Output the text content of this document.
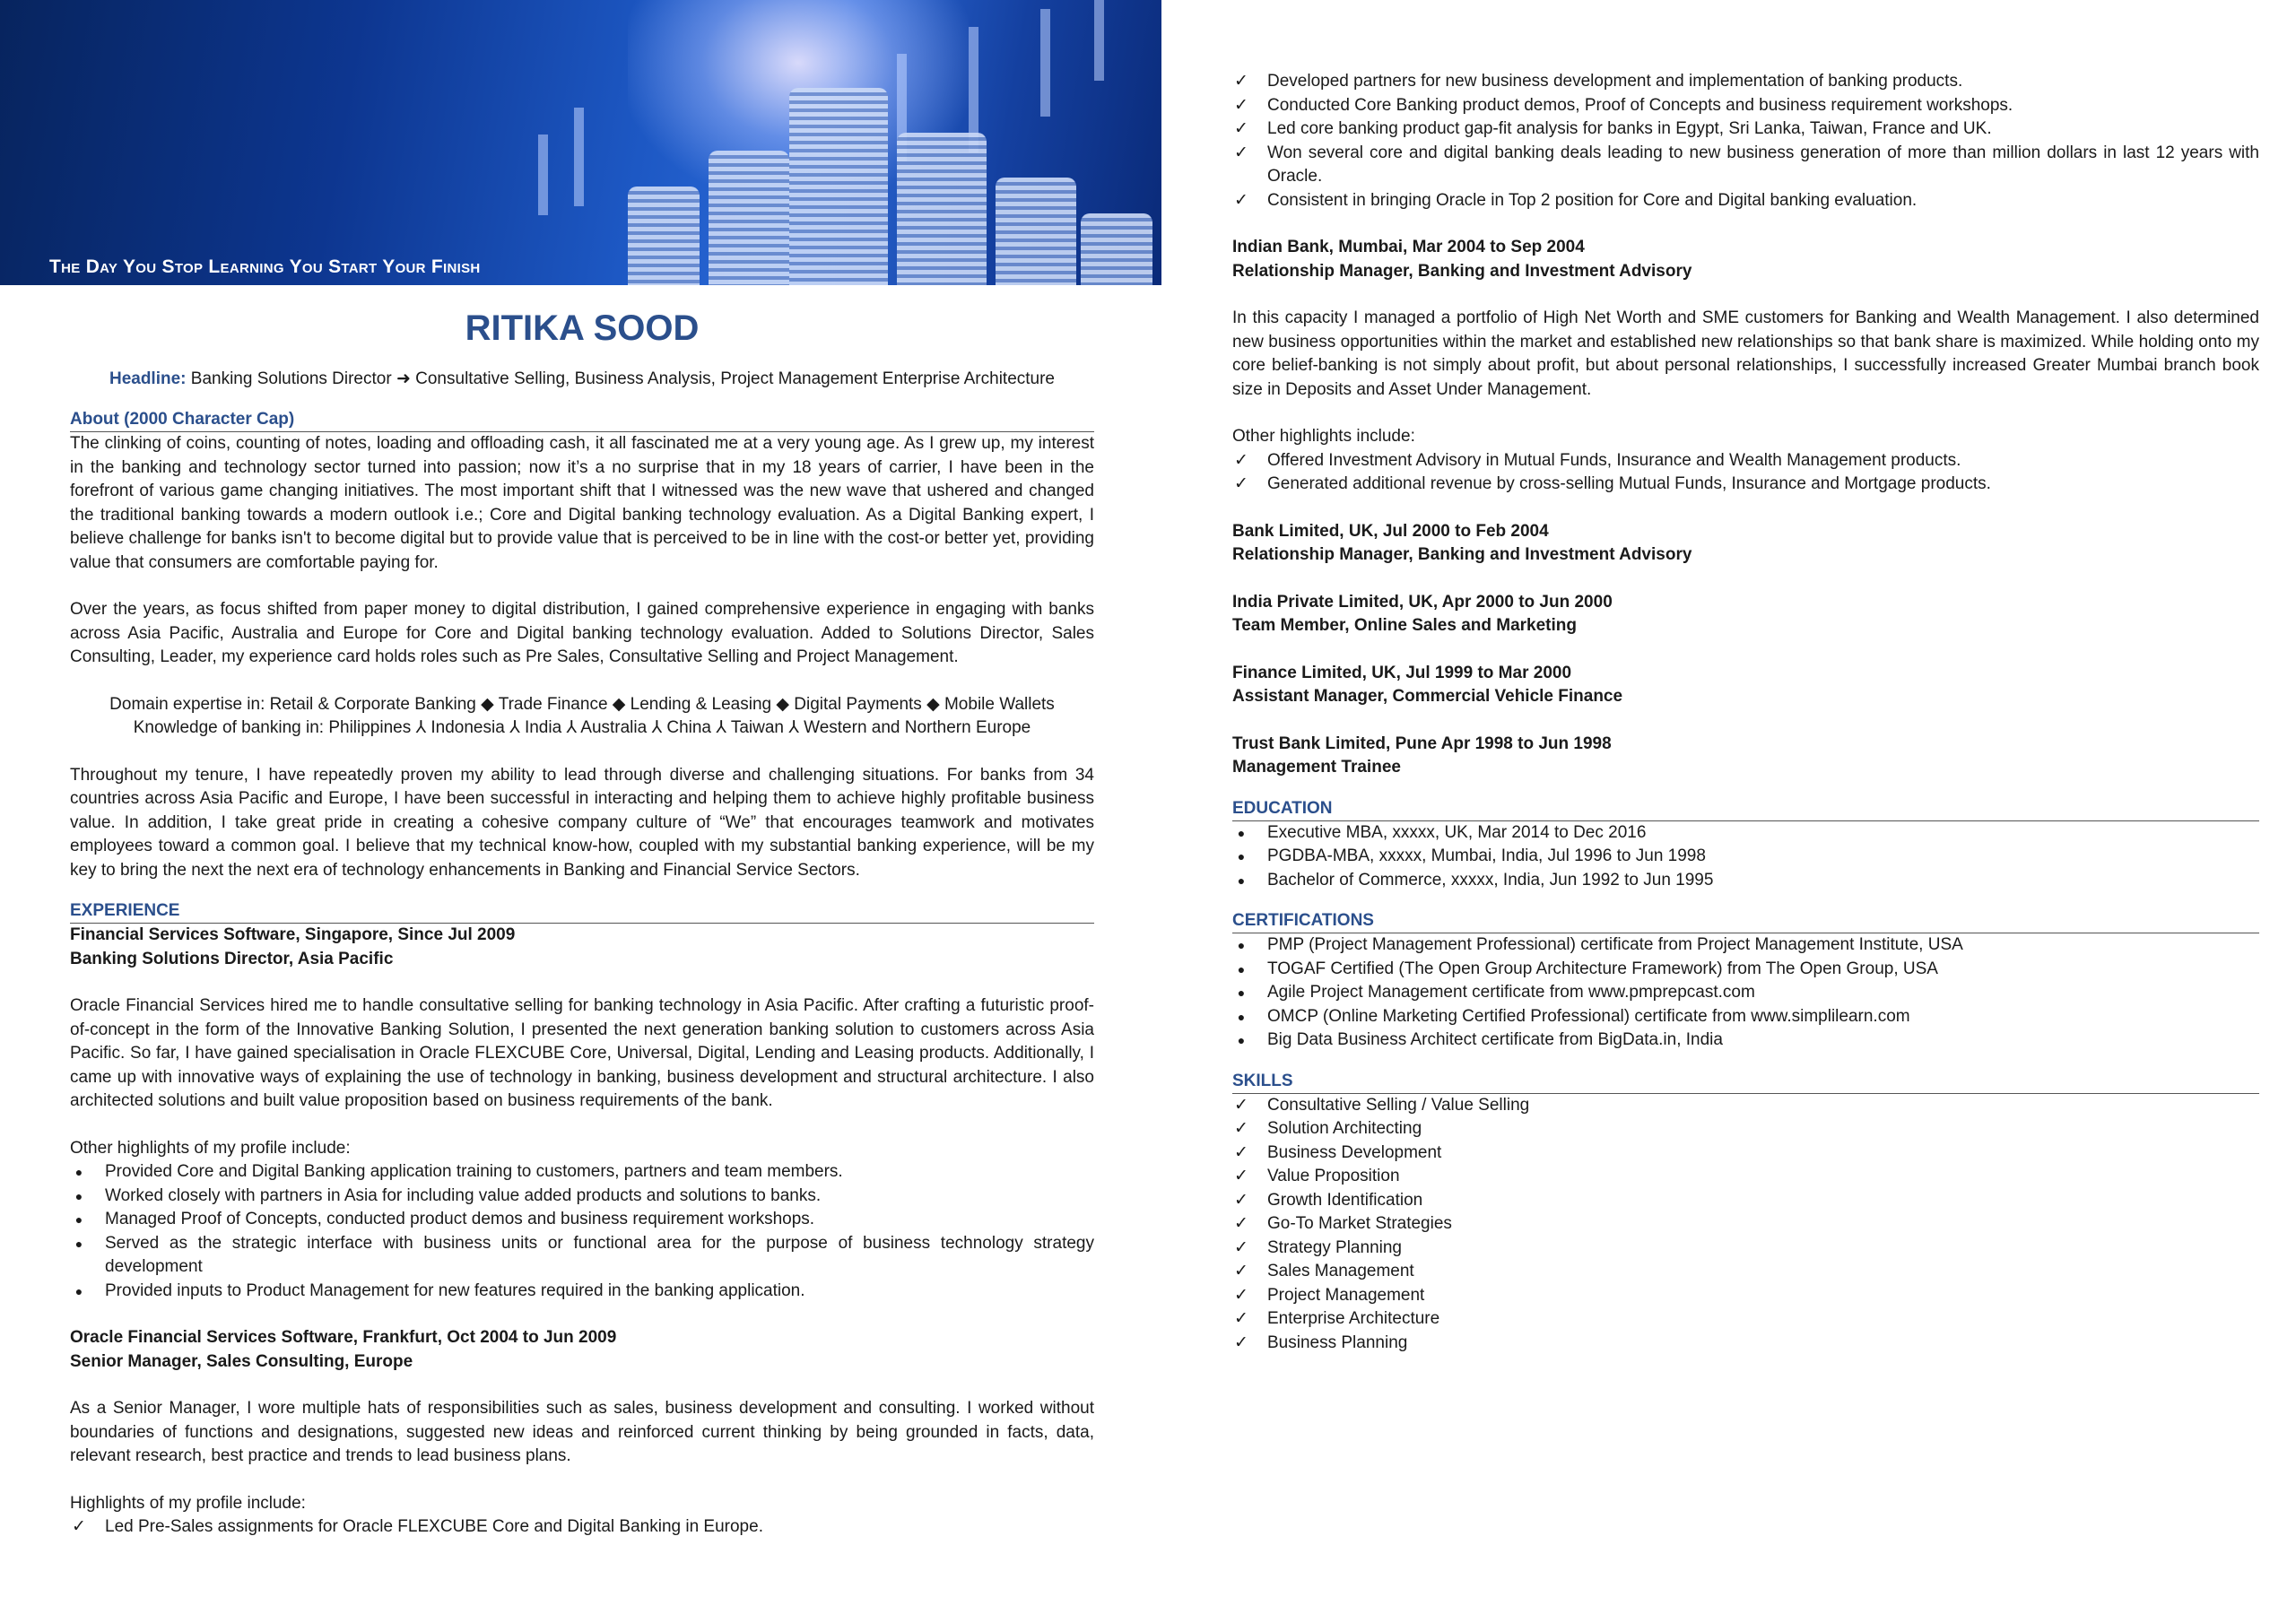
The Day You Stop Learning You Start Your Finish
RITIKA SOOD
Headline: Banking Solutions Director ➜ Consultative Selling, Business Analysis, Project Management Enterprise Architecture
About (2000 Character Cap)

The clinking of coins, counting of notes, loading and offloading cash, it all fascinated me at a very young age. As I grew up, my interest in the banking and technology sector turned into passion; now it’s a no surprise that in my 18 years of carrier, I have been in the forefront of various game changing initiatives. The most important shift that I witnessed was the new wave that ushered and changed the traditional banking towards a modern outlook i.e.; Core and Digital banking technology evaluation. As a Digital Banking expert, I believe challenge for banks isn't to become digital but to provide value that is perceived to be in line with the cost-or better yet, providing value that consumers are comfortable paying for.

Over the years, as focus shifted from paper money to digital distribution, I gained comprehensive experience in engaging with banks across Asia Pacific, Australia and Europe for Core and Digital banking technology evaluation. Added to Solutions Director, Sales Consulting, Leader, my experience card holds roles such as Pre Sales, Consultative Selling and Project Management.

Domain expertise in: Retail & Corporate Banking ◆ Trade Finance ◆ Lending & Leasing ◆ Digital Payments ◆ Mobile Wallets
Knowledge of banking in: Philippines ⅄ Indonesia ⅄ India ⅄ Australia ⅄ China ⅄ Taiwan ⅄ Western and Northern Europe

Throughout my tenure, I have repeatedly proven my ability to lead through diverse and challenging situations. For banks from 34 countries across Asia Pacific and Europe, I have been successful in interacting and helping them to achieve highly profitable business value. In addition, I take great pride in creating a cohesive company culture of “We” that encourages teamwork and motivates employees toward a common goal. I believe that my technical know-how, coupled with my substantial banking experience, will be my key to bring the next the next era of technology enhancements in Banking and Financial Service Sectors.

EXPERIENCE
Financial Services Software, Singapore, Since Jul 2009
Banking Solutions Director, Asia Pacific

Oracle Financial Services hired me to handle consultative selling for banking technology in Asia Pacific. After crafting a futuristic proof-of-concept in the form of the Innovative Banking Solution, I presented the next generation banking solution to customers across Asia Pacific. So far, I have gained specialisation in Oracle FLEXCUBE Core, Universal, Digital, Lending and Leasing products. Additionally, I came up with innovative ways of explaining the use of technology in banking, business development and structural architecture. I also architected solutions and built value proposition based on business requirements of the bank.

Other highlights of my profile include:

●	Provided Core and Digital Banking application training to customers, partners and team members.
●	Worked closely with partners in Asia for including value added products and solutions to banks.
●	Managed Proof of Concepts, conducted product demos and business requirement workshops.
●	Served as the strategic interface with business units or functional area for the purpose of business technology strategy development
●	Provided inputs to Product Management for new features required in the banking application.
Oracle Financial Services Software, Frankfurt, Oct 2004 to Jun 2009
Senior Manager, Sales Consulting, Europe

As a Senior Manager, I wore multiple hats of responsibilities such as sales, business development and consulting. I worked without boundaries of functions and designations, suggested new ideas and reinforced current thinking by being grounded in facts, data, relevant research, best practice and trends to lead business plans.

Highlights of my profile include:

✓ Led Pre-Sales assignments for Oracle FLEXCUBE Core and Digital Banking in Europe.
✓ Developed partners for new business development and implementation of banking products.
✓ Conducted Core Banking product demos, Proof of Concepts and business requirement workshops.
✓ Led core banking product gap-fit analysis for banks in Egypt, Sri Lanka, Taiwan, France and UK.
✓ Won several core and digital banking deals leading to new business generation of more than million dollars in last 12 years with Oracle.
✓ Consistent in bringing Oracle in Top 2 position for Core and Digital banking evaluation.
Indian Bank, Mumbai, Mar 2004 to Sep 2004
Relationship Manager, Banking and Investment Advisory

In this capacity I managed a portfolio of High Net Worth and SME customers for Banking and Wealth Management. I also determined new business opportunities within the market and established new relationships so that bank share is maximized. While holding onto my core belief-banking is not simply about profit, but about personal relationships, I successfully increased Greater Mumbai branch book size in Deposits and Asset Under Management.

Other highlights include:

✓ Offered Investment Advisory in Mutual Funds, Insurance and Wealth Management products.
✓ Generated additional revenue by cross-selling Mutual Funds, Insurance and Mortgage products.
Bank Limited, UK, Jul 2000 to Feb 2004
Relationship Manager, Banking and Investment Advisory
India Private Limited, UK, Apr 2000 to Jun 2000
Team Member, Online Sales and Marketing
Finance Limited, UK, Jul 1999 to Mar 2000
Assistant Manager, Commercial Vehicle Finance
Trust Bank Limited, Pune Apr 1998 to Jun 1998
Management Trainee
EDUCATION
●	Executive MBA, xxxxx, UK, Mar 2014 to Dec 2016
●	PGDBA-MBA, xxxxx, Mumbai, India, Jul 1996 to Jun 1998
●	Bachelor of Commerce, xxxxx, India, Jun 1992 to Jun 1995
CERTIFICATIONS
●	PMP (Project Management Professional) certificate from Project Management Institute, USA
●	TOGAF Certified (The Open Group Architecture Framework) from The Open Group, USA
●	Agile Project Management certificate from www.pmprepcast.com
●	OMCP (Online Marketing Certified Professional) certificate from www.simplilearn.com
●	Big Data Business Architect certificate from BigData.in, India
SKILLS
✓ Consultative Selling / Value Selling
✓ Solution Architecting
✓ Business Development
✓ Value Proposition
✓ Growth Identification
✓ Go-To Market Strategies
✓ Strategy Planning
✓ Sales Management
✓ Project Management
✓ Enterprise Architecture
✓ Business Planning
